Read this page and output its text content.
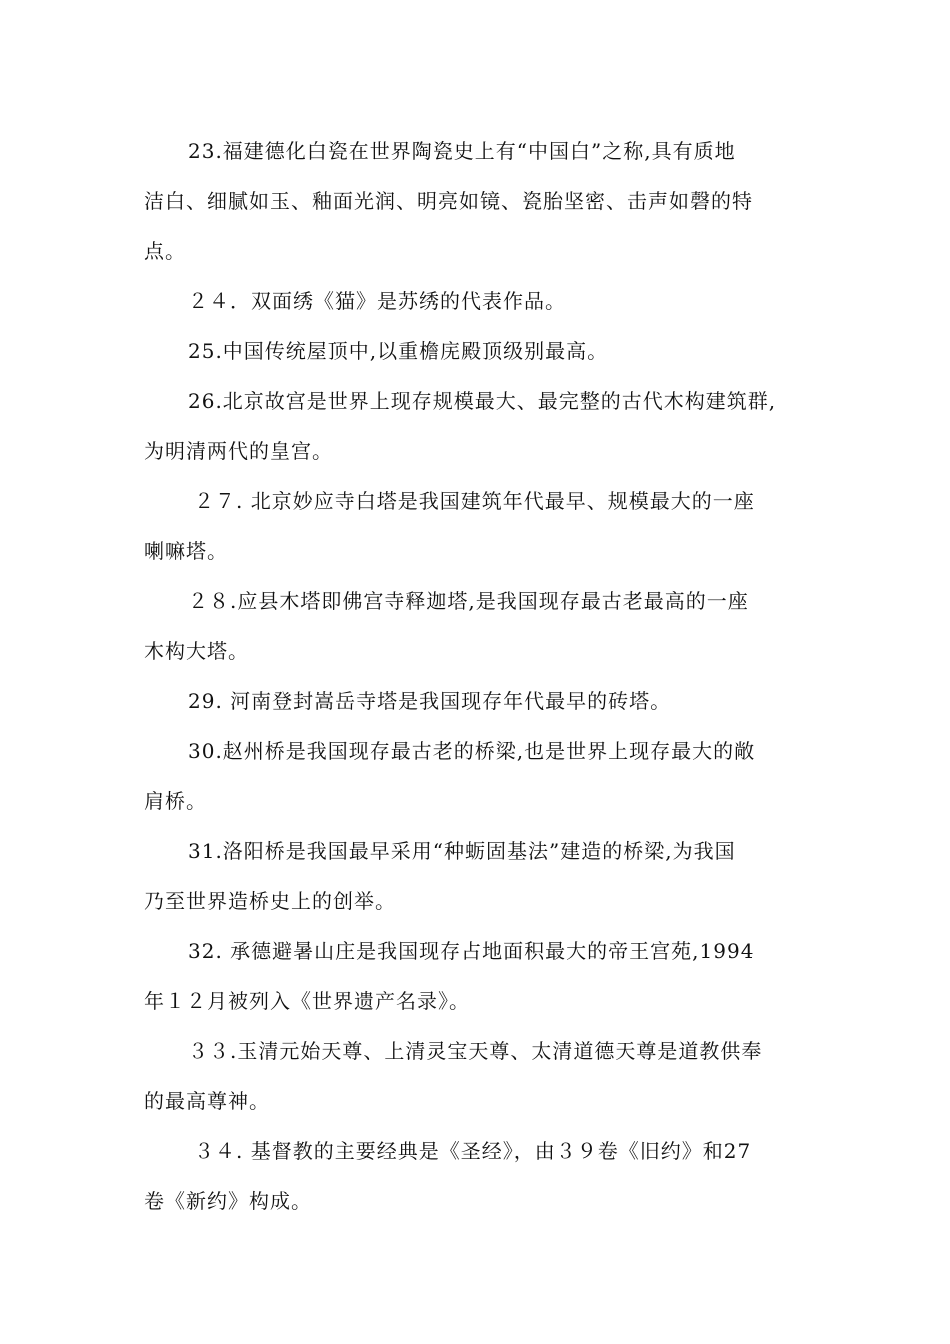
23.福建德化白瓷在世界陶瓷史上有“中国白”之称,具有质地
洁白、细腻如玉、釉面光润、明亮如镜、瓷胎坚密、击声如磬的特
点。
２４．双面绣《猫》是苏绣的代表作品。
25.中国传统屋顶中,以重檐庑殿顶级别最高。
26.北京故宫是世界上现存规模最大、最完整的古代木构建筑群,
为明清两代的皇宫。
２７. 北京妙应寺白塔是我国建筑年代最早、规模最大的一座
喇嘛塔。
２８.应县木塔即佛宫寺释迦塔,是我国现存最古老最高的一座
木构大塔。
29. 河南登封嵩岳寺塔是我国现存年代最早的砖塔。
30.赵州桥是我国现存最古老的桥梁,也是世界上现存最大的敞
肩桥。
31.洛阳桥是我国最早采用“种蛎固基法”建造的桥梁,为我国
乃至世界造桥史上的创举。
32. 承德避暑山庄是我国现存占地面积最大的帝王宫苑,1994
年１２月被列入《世界遗产名录》。
３３.玉清元始天尊、上清灵宝天尊、太清道德天尊是道教供奉
的最高尊神。
３４. 基督教的主要经典是《圣经》，由３９卷《旧约》和27
卷《新约》构成。
